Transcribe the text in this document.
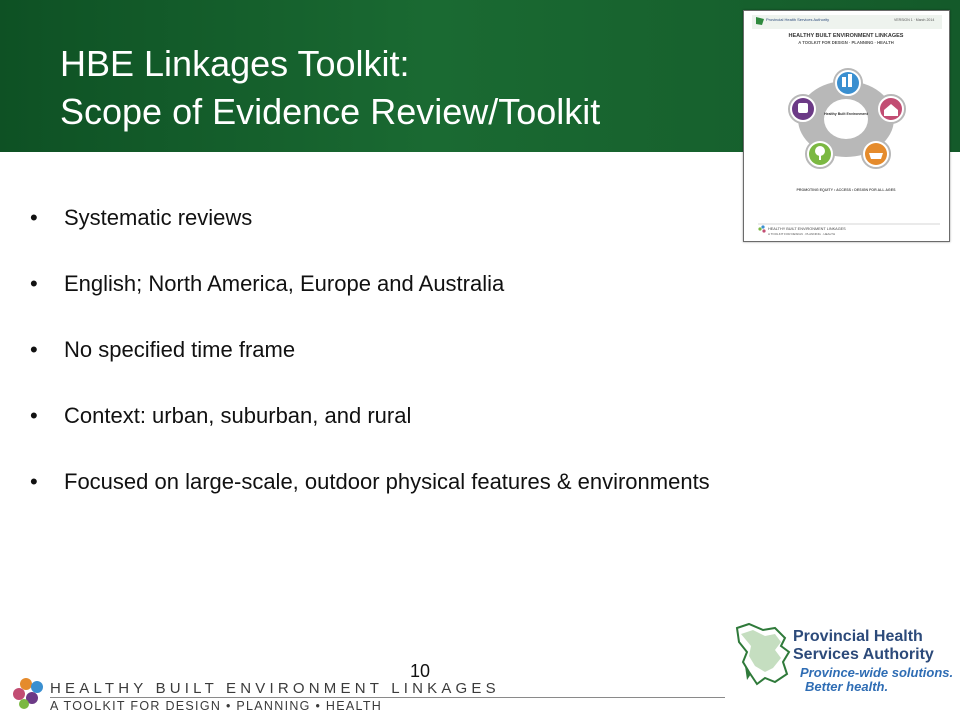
HBE Linkages Toolkit:
Scope of Evidence Review/Toolkit
Provincial Health Services Authority	VERSION 1 · March 2014
HEALTHY BUILT ENVIRONMENT LINKAGES
A TOOLKIT FOR DESIGN · PLANNING · HEALTH
Healthy Built Environment
PROMOTING EQUITY • ACCESS • DESIGN FOR ALL AGES
HEALTHY BUILT ENVIRONMENT LINKAGES
A TOOLKIT FOR DESIGN · PLANNING · HEALTH
• Systematic reviews
• English; North America, Europe and Australia
• No specified time frame
• Context: urban, suburban, and rural
• Focused on large-scale, outdoor physical features & environments
10
HEALTHY BUILT ENVIRONMENT LINKAGES
A TOOLKIT FOR DESIGN • PLANNING • HEALTH
Provincial Health
Services Authority
Province-wide solutions.
Better health.
